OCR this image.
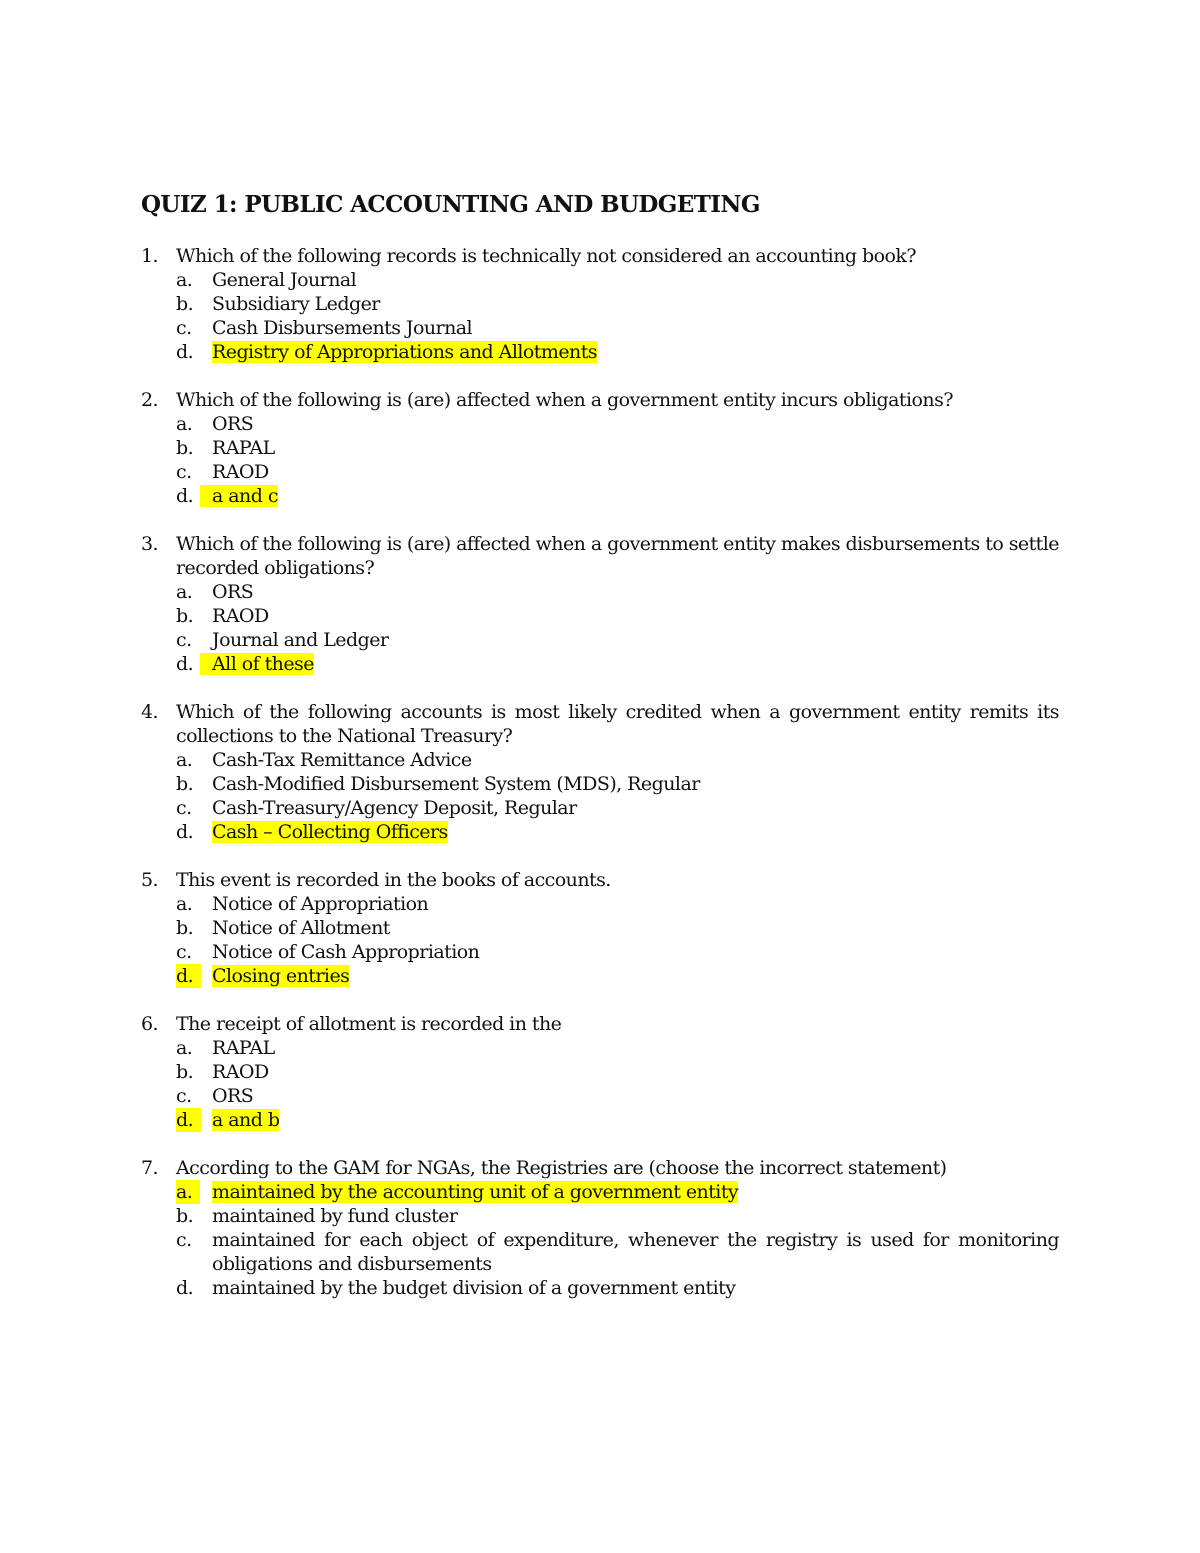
QUIZ 1: PUBLIC ACCOUNTING AND BUDGETING
1. Which of the following records is technically not considered an accounting book?
a.	General Journal
b. Subsidiary Ledger
c.	Cash Disbursements Journal
d. Registry of Appropriations and Allotments
2. Which of the following is (are) affected when a government entity incurs obligations?
a.	ORS
b. RAPAL
c.	RAOD
d. a and c
3. Which of the following is (are) affected when a government entity makes disbursements to settle recorded obligations?
a.	ORS
b. RAOD
c.	Journal and Ledger
d. All of these
4. Which of the following accounts is most likely credited when a government entity remits its collections to the National Treasury?
a.	Cash-Tax Remittance Advice
b. Cash-Modified Disbursement System (MDS), Regular
c.	Cash-Treasury/Agency Deposit, Regular
d. Cash – Collecting Officers
5. This event is recorded in the books of accounts.
a.	Notice of Appropriation
b. Notice of Allotment
c.	Notice of Cash Appropriation
d. Closing entries
6. The receipt of allotment is recorded in the
a.	RAPAL
b. RAOD
c.	ORS
d. a and b
7. According to the GAM for NGAs, the Registries are (choose the incorrect statement)
a.	maintained by the accounting unit of a government entity
b. maintained by fund cluster
c.	maintained for each object of expenditure, whenever the registry is used for monitoring obligations and disbursements
d. maintained by the budget division of a government entity
